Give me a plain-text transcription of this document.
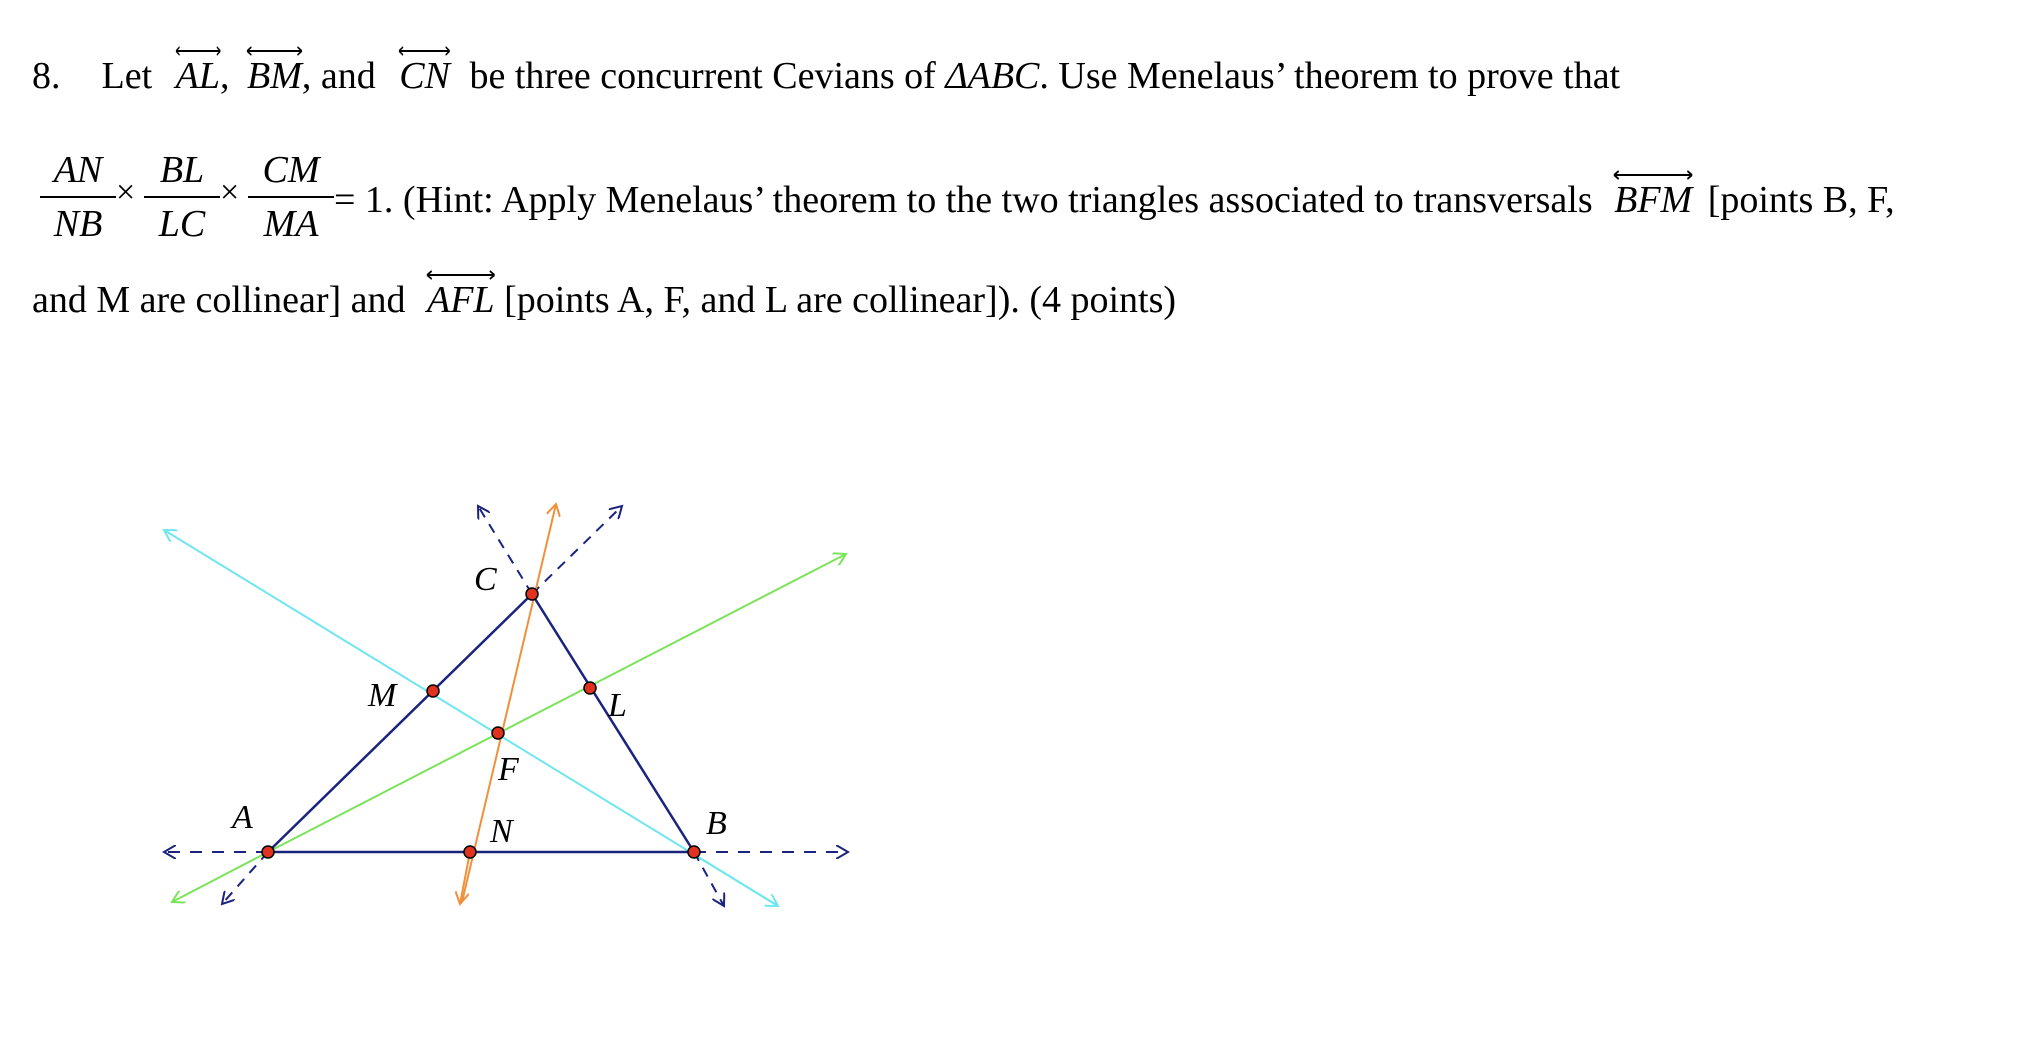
8. Let AL, BM, and CN be three concurrent Cevians of ΔABC. Use Menelaus’ theorem to prove that
AN
NB
×
BL
LC
×
CM
MA
= 1. (Hint: Apply Menelaus’ theorem to the two triangles associated to transversals BFM [points B, F,
and M are collinear] and AFL [points A, F, and L are collinear]). (4 points)
A	B
C
M	L
F
N
